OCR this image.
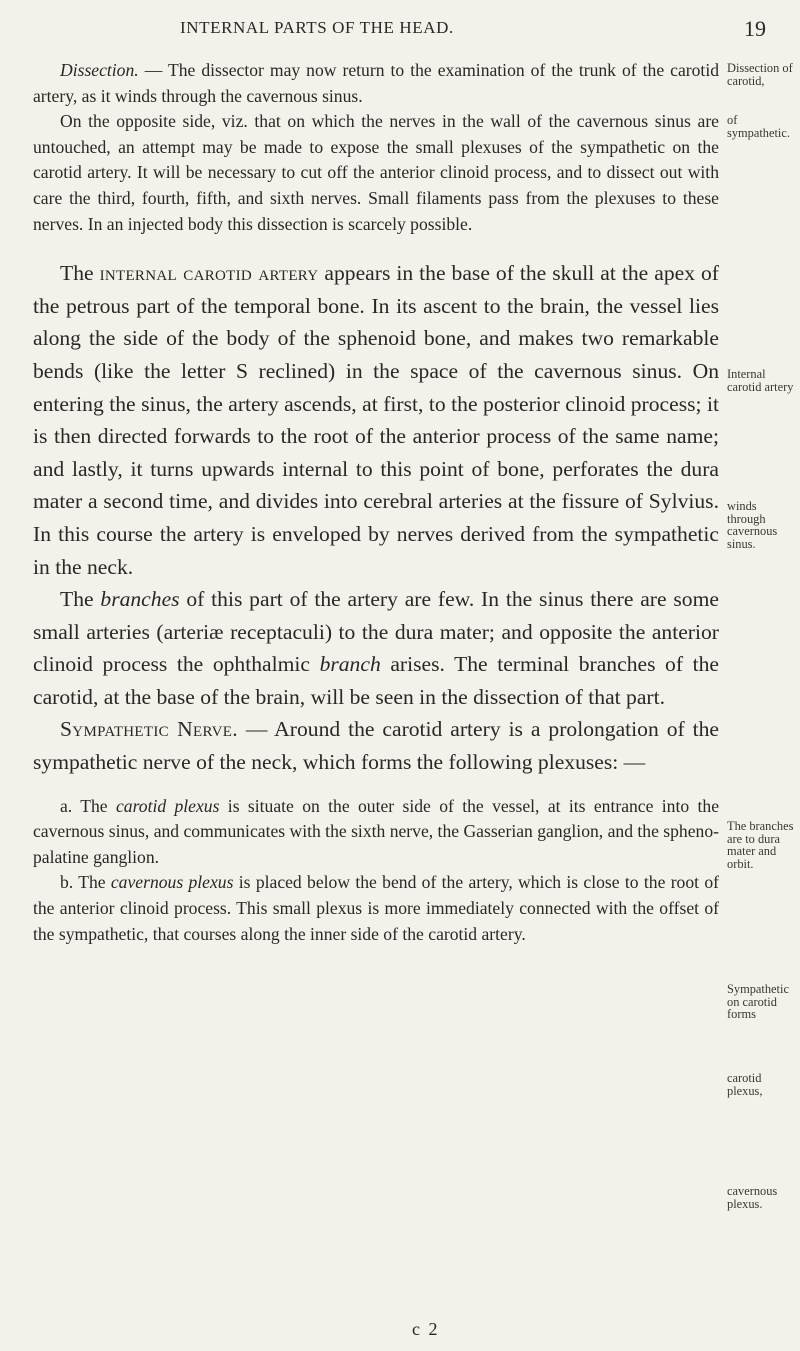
INTERNAL PARTS OF THE HEAD.	19

Dissection. — The dissector may now return to the examination of the trunk of the carotid artery, as it winds through the cavernous sinus.

On the opposite side, viz. that on which the nerves in the wall of the cavernous sinus are untouched, an attempt may be made to expose the small plexuses of the sympathetic on the carotid artery. It will be necessary to cut off the anterior clinoid process, and to dissect out with care the third, fourth, fifth, and sixth nerves. Small filaments pass from the plexuses to these nerves. In an injected body this dissection is scarcely possible.

The internal carotid artery appears in the base of the skull at the apex of the petrous part of the temporal bone. In its ascent to the brain, the vessel lies along the side of the body of the sphenoid bone, and makes two remarkable bends (like the letter S reclined) in the space of the cavernous sinus. On entering the sinus, the artery ascends, at first, to the posterior clinoid process; it is then directed forwards to the root of the anterior process of the same name; and lastly, it turns upwards internal to this point of bone, perforates the dura mater a second time, and divides into cerebral arteries at the fissure of Sylvius. In this course the artery is enveloped by nerves derived from the sympathetic in the neck.

The branches of this part of the artery are few. In the sinus there are some small arteries (arteriæ receptaculi) to the dura mater; and opposite the anterior clinoid process the ophthalmic branch arises. The terminal branches of the carotid, at the base of the brain, will be seen in the dissection of that part.

Sympathetic Nerve. — Around the carotid artery is a prolongation of the sympathetic nerve of the neck, which forms the following plexuses: —

a. The carotid plexus is situate on the outer side of the vessel, at its entrance into the cavernous sinus, and communicates with the sixth nerve, the Gasserian ganglion, and the spheno-palatine ganglion.

b. The cavernous plexus is placed below the bend of the artery, which is close to the root of the anterior clinoid process. This small plexus is more immediately connected with the offset of the sympathetic, that courses along the inner side of the carotid artery.

Dissection of carotid,
of sympathetic.
Internal carotid artery
winds through cavernous sinus.
The branches are to dura mater and orbit.
Sympathetic on carotid forms
carotid plexus,
cavernous plexus.
c 2
